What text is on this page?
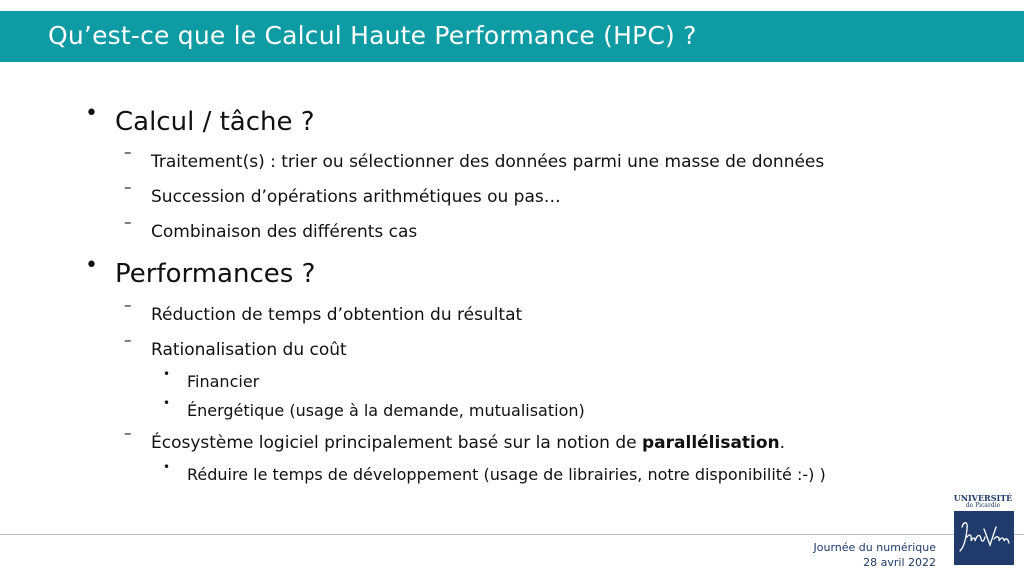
Qu’est-ce que le Calcul Haute Performance (HPC) ?
• Calcul / tâche ?
– Traitement(s) : trier ou sélectionner des données parmi une masse de données
– Succession d’opérations arithmétiques ou pas…
– Combinaison des différents cas
• Performances ?
– Réduction de temps d’obtention du résultat
– Rationalisation du coût
• Financier
• Énergétique (usage à la demande, mutualisation)
– Écosystème logiciel principalement basé sur la notion de parallélisation.
• Réduire le temps de développement (usage de librairies, notre disponibilité :-) )
Journée du numérique
28 avril 2022
UNIVERSITÉ
de Picardie
